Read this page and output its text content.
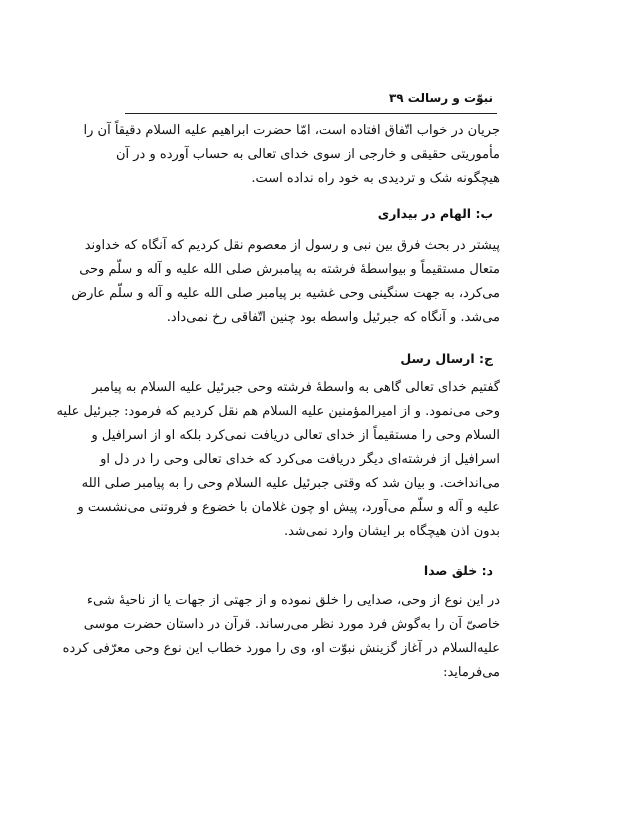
نبوّت و رسالت ۳۹
جریان در خواب اتّفاق افتاده است، امّا حضرت ابراهیم علیه السلام دقیقاً آن را
مأموریتی حقیقی و خارجی از سوی خدای تعالی به حساب آورده و در آن
هیچگونه شک و تردیدی به خود راه نداده است.
ب: الهام در بیداری
پیشتر در بحث فرق بین نبی و رسول از معصوم نقل کردیم که آنگاه که خداوند
متعال مستقیماً و بیواسطهٔ فرشته به پیامبرش صلی الله علیه و آله و سلّم وحی
می‌کرد، به جهت سنگینی وحی غشیه بر پیامبر صلی الله علیه و آله و سلّم عارض
می‌شد. و آنگاه که جبرئیل واسطه بود چنین اتّفاقی رخ نمی‌داد.
ج: ارسال رسل
گفتیم خدای تعالی گاهی به واسطهٔ فرشته وحی جبرئیل علیه السلام به پیامبر
وحی می‌نمود. و از امیرالمؤمنین علیه السلام هم نقل کردیم که فرمود: جبرئیل علیه
السلام وحی را مستقیماً از خدای تعالی دریافت نمی‌کرد بلکه او از اسرافیل و
اسرافیل از فرشته‌ای دیگر دریافت می‌کرد که خدای تعالی وحی را در دل او
می‌انداخت. و بیان شد که وقتی جبرئیل علیه السلام وحی را به پیامبر صلی الله
علیه و آله و سلّم می‌آورد، پیش او چون غلامان با خضوع و فروتنی می‌نشست و
بدون اذن هیچگاه بر ایشان وارد نمی‌شد.
د: خلق صدا
در این نوع از وحی، صدایی را خلق نموده و از جهتی از جهات یا از ناحیهٔ شیء
خاصیّ آن را به‌گوش فرد مورد نظر می‌رساند. قرآن در داستان حضرت موسی
علیه‌السلام در آغاز گزینش نبوّت او، وی را مورد خطاب این نوع وحی معرّفی کرده
می‌فرماید:
